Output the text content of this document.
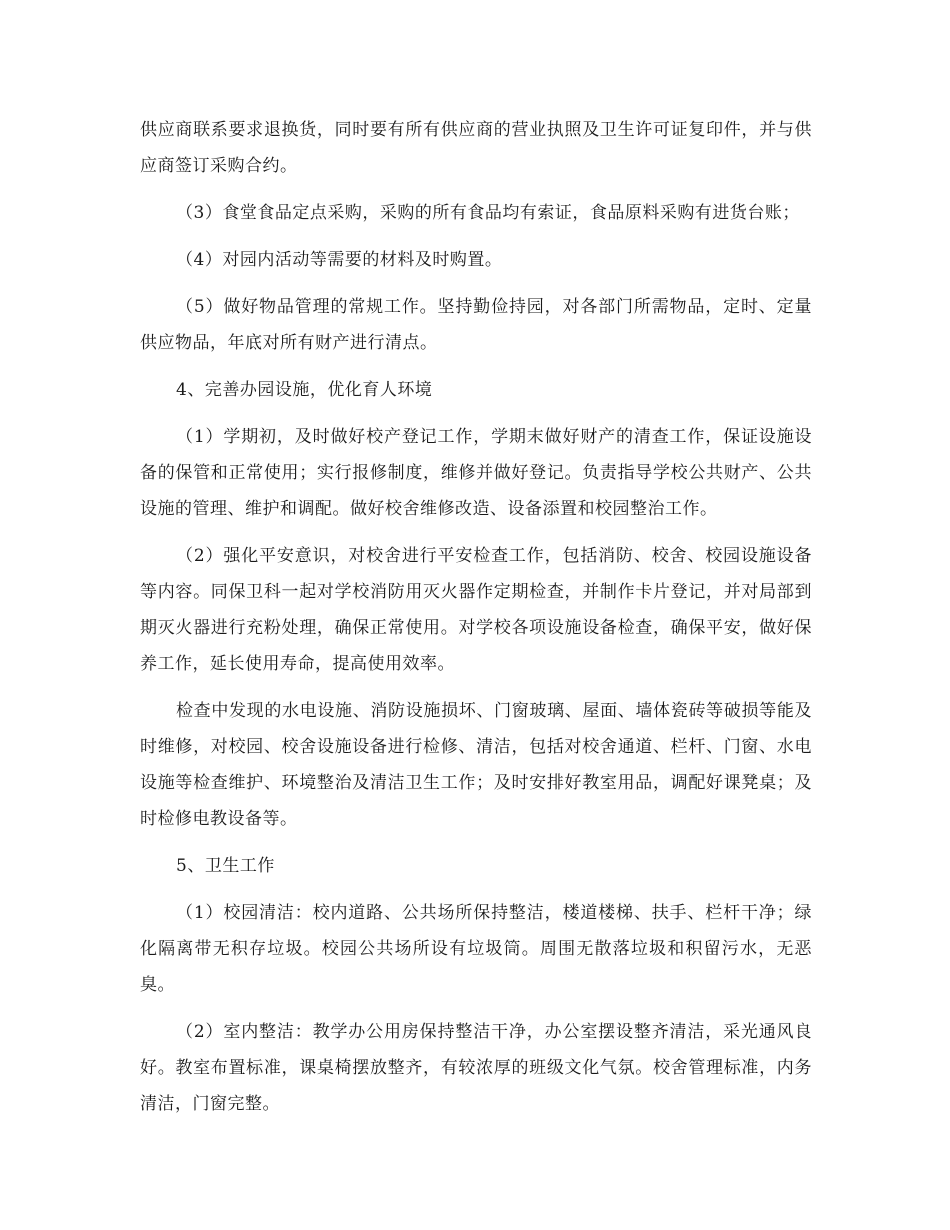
供应商联系要求退换货，同时要有所有供应商的营业执照及卫生许可证复印件，并与供应商签订采购合约。

（3）食堂食品定点采购，采购的所有食品均有索证，食品原料采购有进货台账；

（4）对园内活动等需要的材料及时购置。

（5）做好物品管理的常规工作。坚持勤俭持园，对各部门所需物品，定时、定量供应物品，年底对所有财产进行清点。

4、完善办园设施，优化育人环境

（1）学期初，及时做好校产登记工作，学期末做好财产的清查工作，保证设施设备的保管和正常使用；实行报修制度，维修并做好登记。负责指导学校公共财产、公共设施的管理、维护和调配。做好校舍维修改造、设备添置和校园整治工作。

（2）强化平安意识，对校舍进行平安检查工作，包括消防、校舍、校园设施设备等内容。同保卫科一起对学校消防用灭火器作定期检查，并制作卡片登记，并对局部到期灭火器进行充粉处理，确保正常使用。对学校各项设施设备检查，确保平安，做好保养工作，延长使用寿命，提高使用效率。

检查中发现的水电设施、消防设施损坏、门窗玻璃、屋面、墙体瓷砖等破损等能及时维修，对校园、校舍设施设备进行检修、清洁，包括对校舍通道、栏杆、门窗、水电设施等检查维护、环境整治及清洁卫生工作；及时安排好教室用品，调配好课凳桌；及时检修电教设备等。

5、卫生工作

（1）校园清洁：校内道路、公共场所保持整洁，楼道楼梯、扶手、栏杆干净；绿化隔离带无积存垃圾。校园公共场所设有垃圾筒。周围无散落垃圾和积留污水，无恶臭。

（2）室内整洁：教学办公用房保持整洁干净，办公室摆设整齐清洁，采光通风良好。教室布置标准，课桌椅摆放整齐，有较浓厚的班级文化气氛。校舍管理标准，内务清洁，门窗完整。
